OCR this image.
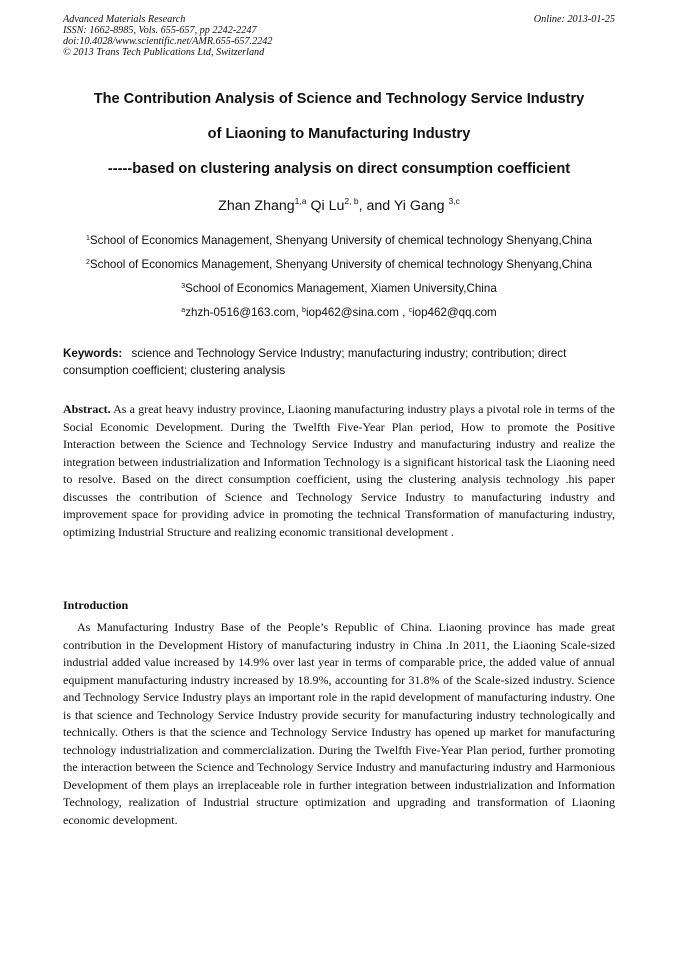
Advanced Materials Research
ISSN: 1662-8985, Vols. 655-657, pp 2242-2247
doi:10.4028/www.scientific.net/AMR.655-657.2242
© 2013 Trans Tech Publications Ltd, Switzerland
Online: 2013-01-25
The Contribution Analysis of Science and Technology Service Industry
of Liaoning to Manufacturing Industry
-----based on clustering analysis on direct consumption coefficient
Zhan Zhang$^{1,a}$ Qi Lu$^{2, b}$, and Yi Gang $^{3,c}$
$^1$School of Economics Management, Shenyang University of chemical technology Shenyang,China
$^2$School of Economics Management, Shenyang University of chemical technology Shenyang,China
$^3$School of Economics Management, Xiamen University,China
$^a$zhzh-0516@163.com, $^b$iop462@sina.com , $^c$iop462@qq.com
Keywords: science and Technology Service Industry; manufacturing industry; contribution; direct consumption coefficient; clustering analysis
Abstract. As a great heavy industry province, Liaoning manufacturing industry plays a pivotal role in terms of the Social Economic Development. During the Twelfth Five-Year Plan period, How to promote the Positive Interaction between the Science and Technology Service Industry and manufacturing industry and realize the integration between industrialization and Information Technology is a significant historical task the Liaoning need to resolve. Based on the direct consumption coefficient, using the clustering analysis technology .his paper discusses the contribution of Science and Technology Service Industry to manufacturing industry and improvement space for providing advice in promoting the technical Transformation of manufacturing industry, optimizing Industrial Structure and realizing economic transitional development .
Introduction

As Manufacturing Industry Base of the People’s Republic of China. Liaoning province has made great contribution in the Development History of manufacturing industry in China .In 2011, the Liaoning Scale-sized industrial added value increased by 14.9% over last year in terms of comparable price, the added value of annual equipment manufacturing industry increased by 18.9%, accounting for 31.8% of the Scale-sized industry. Science and Technology Service Industry plays an important role in the rapid development of manufacturing industry. One is that science and Technology Service Industry provide security for manufacturing industry technologically and technically. Others is that the science and Technology Service Industry has opened up market for manufacturing technology industrialization and commercialization. During the Twelfth Five-Year Plan period, further promoting the interaction between the Science and Technology Service Industry and manufacturing industry and Harmonious Development of them plays an irreplaceable role in further integration between industrialization and Information Technology, realization of Industrial structure optimization and upgrading and transformation of Liaoning economic development.
